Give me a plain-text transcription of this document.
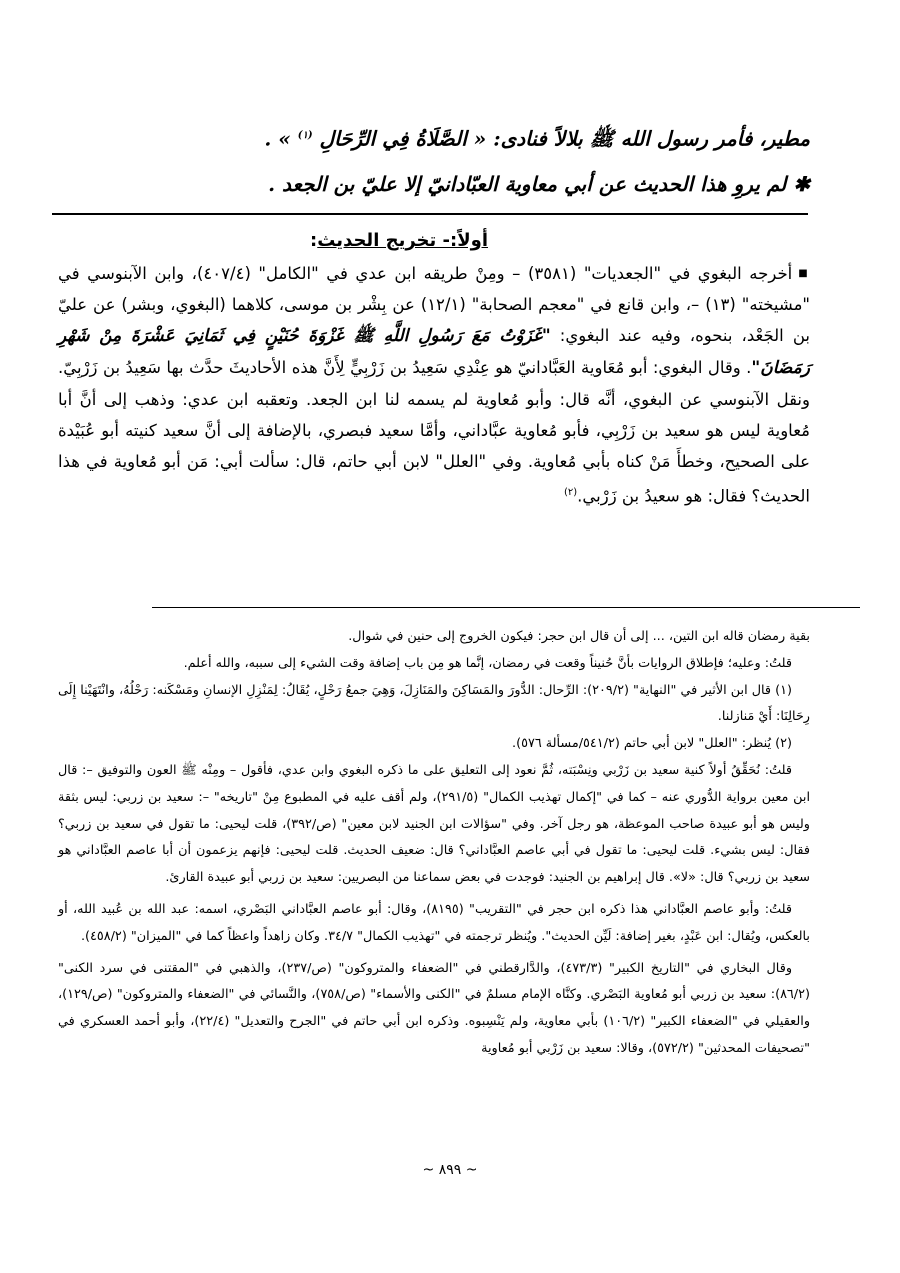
مطير، فأمر رسول الله ﷺ بلالاً فنادى: « الصَّلَاةُ فِي الرِّحَالِ $^{(١)}$ » .
✱ لم يروِ هذا الحديث عن أبي معاوية العبّادانيّ إلا عليّ بن الجعد .
أولاً:- تخريج الحديث:
■أخرجه البغوي في "الجعديات" (٣٥٨١) – ومِنْ طريقه ابن عدي في "الكامل" (٤٠٧/٤)، وابن الآبنوسي في "مشيخته" (١٣) –، وابن قانع في "معجم الصحابة" (١٢/١) عن بِشْر بن موسى، كلاهما (البغوي، وبشر) عن عليّ بن الجَعْد، بنحوه، وفيه عند البغوي: "غَزَوْتُ مَعَ رَسُولِ اللَّهِ ﷺ غَزْوَةَ حُنَيْنٍ فِي ثَمَانِيَ عَشْرَةَ مِنْ شَهْرِ رَمَضَانَ". وقال البغوي: أبو مُعَاوية العَبَّادانيّ هو عِنْدِي سَعِيدُ بن زَرْبِيٍّ لِأَنَّ هذه الأحاديثَ حدَّث بها سَعِيدُ بن زَرْبِيّ. ونقل الآبنوسي عن البغوي، أنَّه قال: وأبو مُعاوية لم يسمه لنا ابن الجعد. وتعقبه ابن عدي: وذهب إلى أنَّ أبا مُعاوية ليس هو سعيد بن زَرْبِي، فأبو مُعاوية عبَّاداني، وأمَّا سعيد فبصري، بالإضافة إلى أنَّ سعيد كنيته أبو عُبَيْدة على الصحيح، وخطأَ مَنْ كناه بأبي مُعاوية. وفي "العلل" لابن أبي حاتم، قال: سألت أبي: مَن أبو مُعاوية في هذا الحديث؟ فقال: هو سعيدُ بن زَرْبي.$^{(٢)}$

بقية رمضان قاله ابن التين، ... إلى أن قال ابن حجر: فيكون الخروج إلى حنين في شوال.

قلتُ: وعليه؛ فإطلاق الروايات بأنَّ حُنيناً وقعت في رمضان، إنَّما هو مِن باب إضافة وقت الشيء إلى سببه، والله أعلم.

(١) قال ابن الأثير في "النهاية" (٢٠٩/٢): الرِّحال: الدُّورَ والمَسَاكِنَ والمَنَازِلَ، وَهِيَ جمعُ رَحْلٍ، يُقَالُ: لِمَنْزِلِ الإنسانِ ومَسْكَنه: رَحْلُهُ، وانْتَهَيْنا إِلَى رِحَالِنَا: أَيْ مَنازلنا.

(٢) يُنظر: "العلل" لابن أبي حاتم (٥٤١/٢/مسألة ٥٧٦).

قلتُ: نُحَقِّقُ أولاً كنية سعيد بن زَرْبي ونِسْبَته، ثُمَّ نعود إلى التعليق على ما ذكره البغوي وابن عدي، فأقول – ومِنْه ﷺ العون والتوفيق –: قال ابن معين برواية الدُّوري عنه – كما في "إكمال تهذيب الكمال" (٢٩١/٥)، ولم أقف عليه في المطبوع مِنْ "تاريخه" –: سعيد بن زربي: ليس بثقة وليس هو أبو عبيدة صاحب الموعظة، هو رجل آخر. وفي "سؤالات ابن الجنيد لابن معين" (ص/٣٩٢)، قلت ليحيى: ما تقول في سعيد بن زربي؟ فقال: ليس بشيء. قلت ليحيى: ما تقول في أبي عاصم العبَّاداني؟ قال: ضعيف الحديث. قلت ليحيى: فإنهم يزعمون أن أبا عاصم العبَّاداني هو سعيد بن زربي؟ قال: «لا». قال إبراهيم بن الجنيد: فوجدت في بعض سماعنا من البصريين: سعيد بن زربي أبو عبيدة القارئ.

قلتُ: وأبو عاصم العبَّاداني هذا ذكره ابن حجر في "التقريب" (٨١٩٥)، وقال: أبو عاصم العبَّاداني البَصْري، اسمه: عبد الله بن عُبيد الله، أو بالعكس، ويُقال: ابن عَبْدٍ، بغير إضافة: لَيِّن الحديث". ويُنظر ترجمته في "تهذيب الكمال" ٣٤/٧. وكان زاهداً واعظاً كما في "الميزان" (٤٥٨/٢).

وقال البخاري في "التاريخ الكبير" (٤٧٣/٣)، والدَّارقطني في "الضعفاء والمتروكون" (ص/٢٣٧)، والذهبي في "المقتنى في سرد الكنى" (٨٦/٢): سعيد بن زربي أبو مُعاوية البَصْري. وكنَّاه الإمام مسلمٌ في "الكنى والأسماء" (ص/٧٥٨)، والنَّسائي في "الضعفاء والمتروكون" (ص/١٢٩)، والعقيلي في "الضعفاء الكبير" (١٠٦/٢) بأبي معاوية، ولم يَنْسِبوه. وذكره ابن أبي حاتم في "الجرح والتعديل" (٢٢/٤)، وأبو أحمد العسكري في "تصحيفات المحدثين" (٥٧٢/٢)، وقالا: سعيد بن زَرْبي أبو مُعاوية

~ ٨٩٩ ~
